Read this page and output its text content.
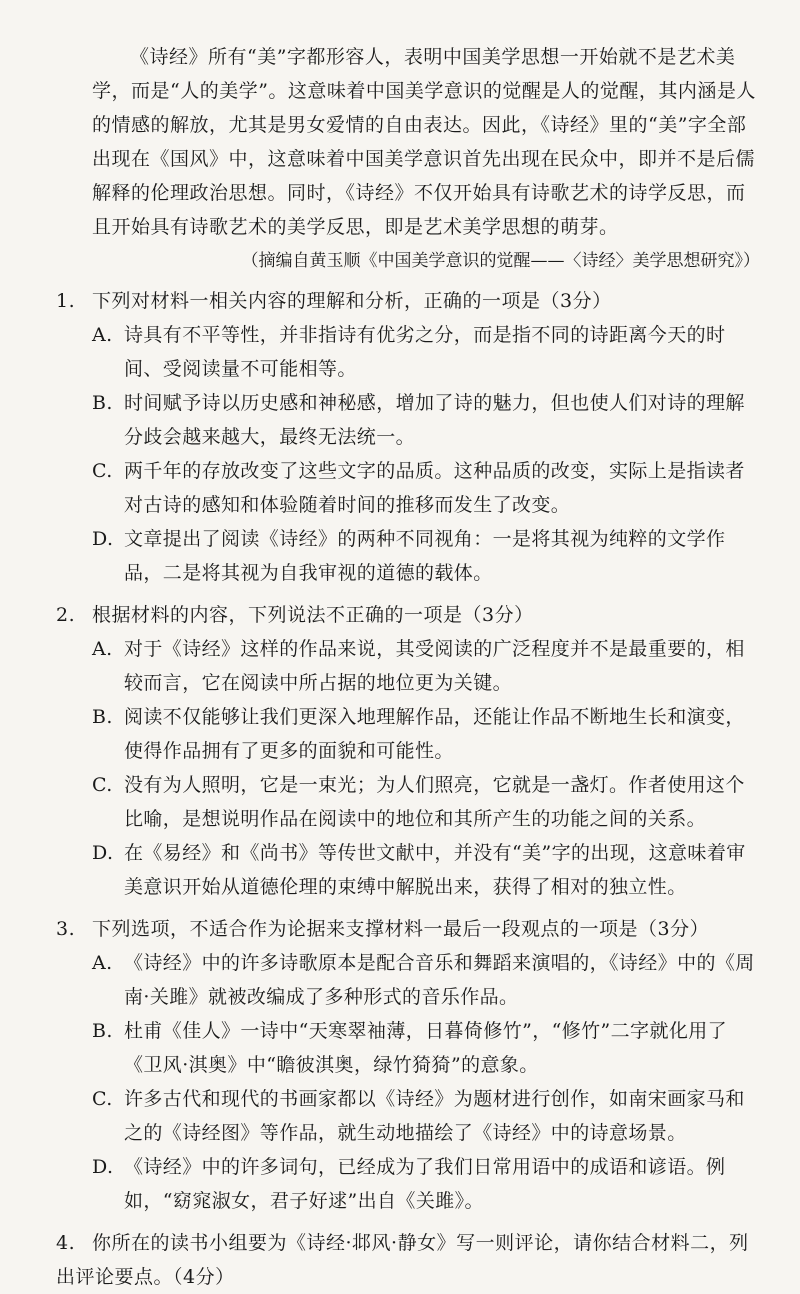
《诗经》所有“美”字都形容人，表明中国美学思想一开始就不是艺术美学，而是“人的美学”。这意味着中国美学意识的觉醒是人的觉醒，其内涵是人的情感的解放，尤其是男女爱情的自由表达。因此，《诗经》里的“美”字全部出现在《国风》中，这意味着中国美学意识首先出现在民众中，即并不是后儒解释的伦理政治思想。同时，《诗经》不仅开始具有诗歌艺术的诗学反思，而且开始具有诗歌艺术的美学反思，即是艺术美学思想的萌芽。

（摘编自黄玉顺《中国美学意识的觉醒——〈诗经〉美学思想研究》）
1. 下列对材料一相关内容的理解和分析，正确的一项是（3分）
A. 诗具有不平等性，并非指诗有优劣之分，而是指不同的诗距离今天的时间、受阅读量不可能相等。
B. 时间赋予诗以历史感和神秘感，增加了诗的魅力，但也使人们对诗的理解分歧会越来越大，最终无法统一。
C. 两千年的存放改变了这些文字的品质。这种品质的改变，实际上是指读者对古诗的感知和体验随着时间的推移而发生了改变。
D. 文章提出了阅读《诗经》的两种不同视角：一是将其视为纯粹的文学作品，二是将其视为自我审视的道德的载体。
2. 根据材料的内容，下列说法不正确的一项是（3分）
A. 对于《诗经》这样的作品来说，其受阅读的广泛程度并不是最重要的，相较而言，它在阅读中所占据的地位更为关键。
B. 阅读不仅能够让我们更深入地理解作品，还能让作品不断地生长和演变，使得作品拥有了更多的面貌和可能性。
C. 没有为人照明，它是一束光；为人们照亮，它就是一盏灯。作者使用这个比喻，是想说明作品在阅读中的地位和其所产生的功能之间的关系。
D. 在《易经》和《尚书》等传世文献中，并没有“美”字的出现，这意味着审美意识开始从道德伦理的束缚中解脱出来，获得了相对的独立性。
3. 下列选项，不适合作为论据来支撑材料一最后一段观点的一项是（3分）
A. 《诗经》中的许多诗歌原本是配合音乐和舞蹈来演唱的，《诗经》中的《周南·关雎》就被改编成了多种形式的音乐作品。
B. 杜甫《佳人》一诗中“天寒翠袖薄，日暮倚修竹”，“修竹”二字就化用了《卫风·淇奥》中“瞻彼淇奥，绿竹猗猗”的意象。
C. 许多古代和现代的书画家都以《诗经》为题材进行创作，如南宋画家马和之的《诗经图》等作品，就生动地描绘了《诗经》中的诗意场景。
D. 《诗经》中的许多词句，已经成为了我们日常用语中的成语和谚语。例如，“窈窕淑女，君子好逑”出自《关雎》。
4. 你所在的读书小组要为《诗经·邶风·静女》写一则评论，请你结合材料二，列出评论要点。（4分）
